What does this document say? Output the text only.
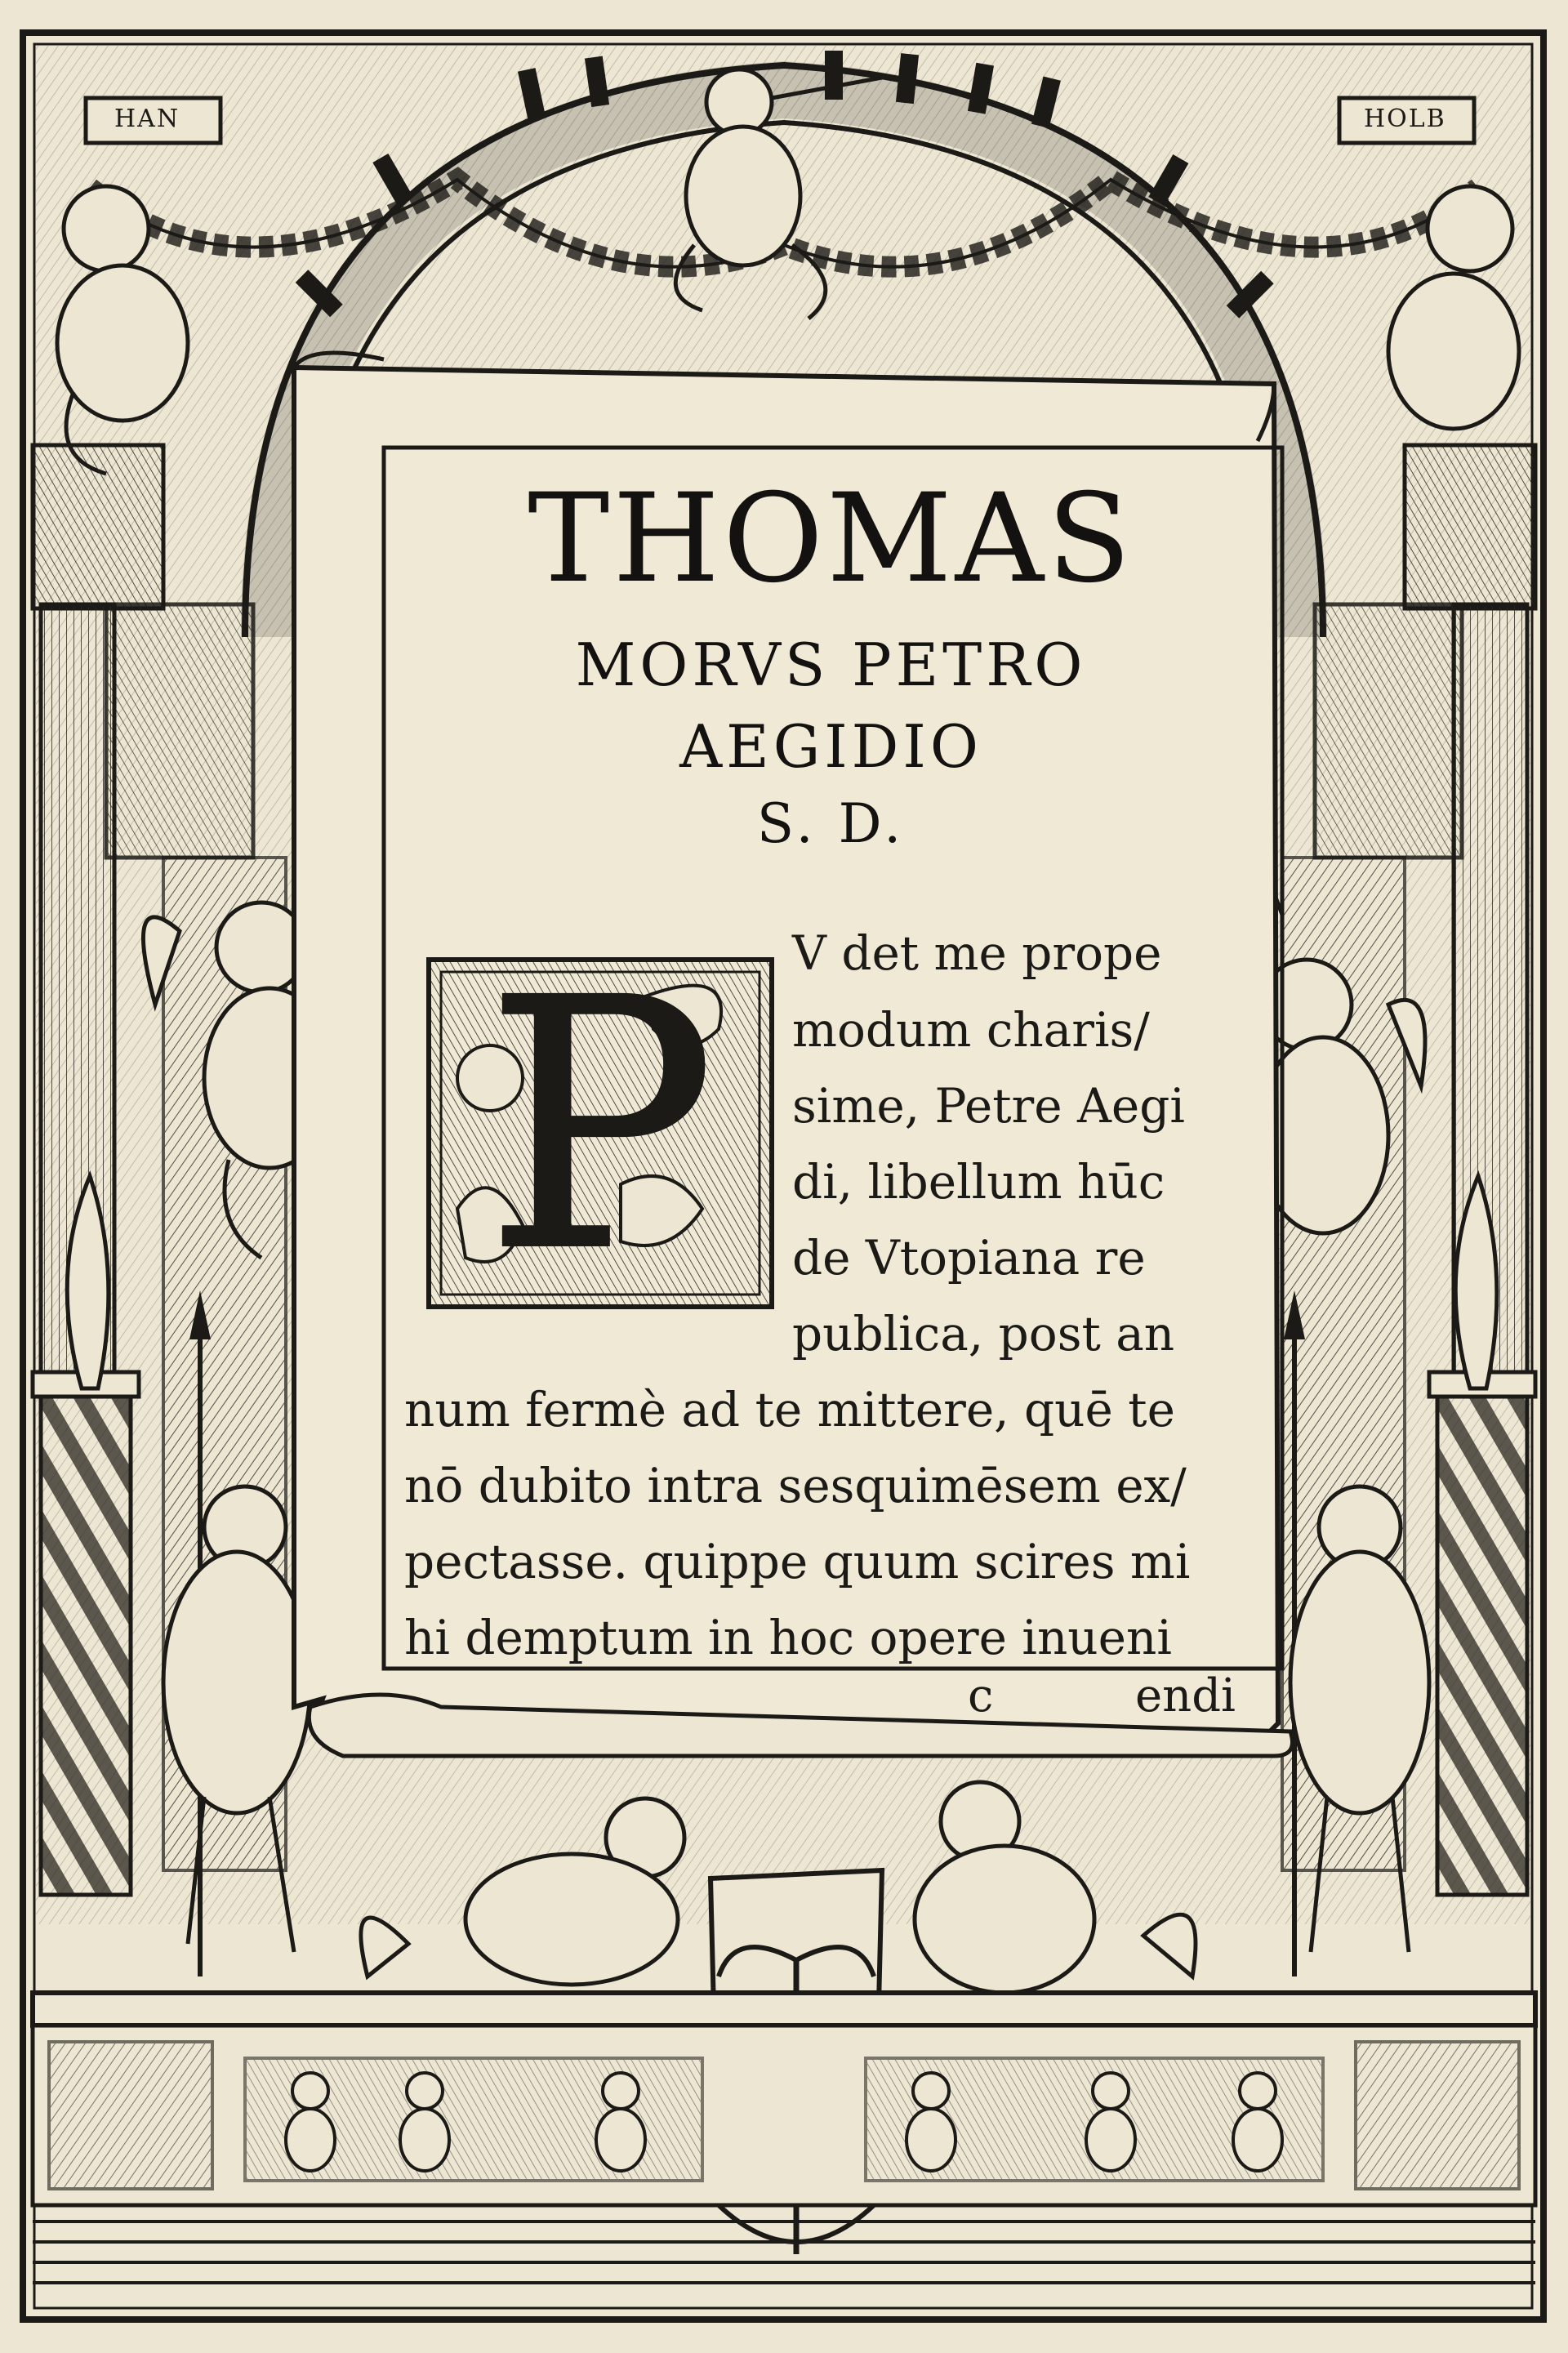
HAN	HOLB
THOMAS
MORVS PETRO
AEGIDIO
S. D.
P	V det me prope
modum charis/
sime, Petre Aegi
di, libellum hūc
de Vtopiana re
publica, post an
num fermè ad te mittere, quē te
nō dubito intra sesquimēsem ex/
pectasse. quippe quum scires mi
hi demptum in hoc opere inueni
c	endi
